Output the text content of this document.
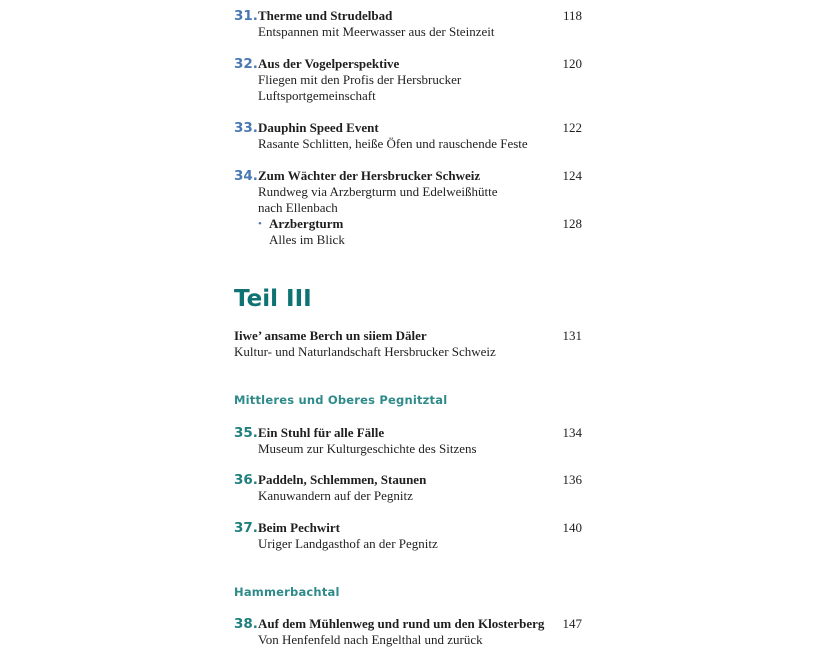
31. Therme und Strudelbad	118
Entspannen mit Meerwasser aus der Steinzeit
32. Aus der Vogelperspektive	120
Fliegen mit den Profis der Hersbrucker
Luftsportgemeinschaft
33. Dauphin Speed Event	122
Rasante Schlitten, heiße Öfen und rauschende Feste
34. Zum Wächter der Hersbrucker Schweiz	124
Rundweg via Arzbergturm und Edelweißhütte
nach Ellenbach
• Arzbergturm	128
Alles im Blick
Teil III
Iiwe’ ansame Berch un siiem Däler	131
Kultur- und Naturlandschaft Hersbrucker Schweiz
Mittleres und Oberes Pegnitztal
35. Ein Stuhl für alle Fälle	134
Museum zur Kulturgeschichte des Sitzens
36. Paddeln, Schlemmen, Staunen	136
Kanuwandern auf der Pegnitz
37. Beim Pechwirt	140
Uriger Landgasthof an der Pegnitz
Hammerbachtal
38. Auf dem Mühlenweg und rund um den Klosterberg 147
Von Henfenfeld nach Engelthal und zurück
